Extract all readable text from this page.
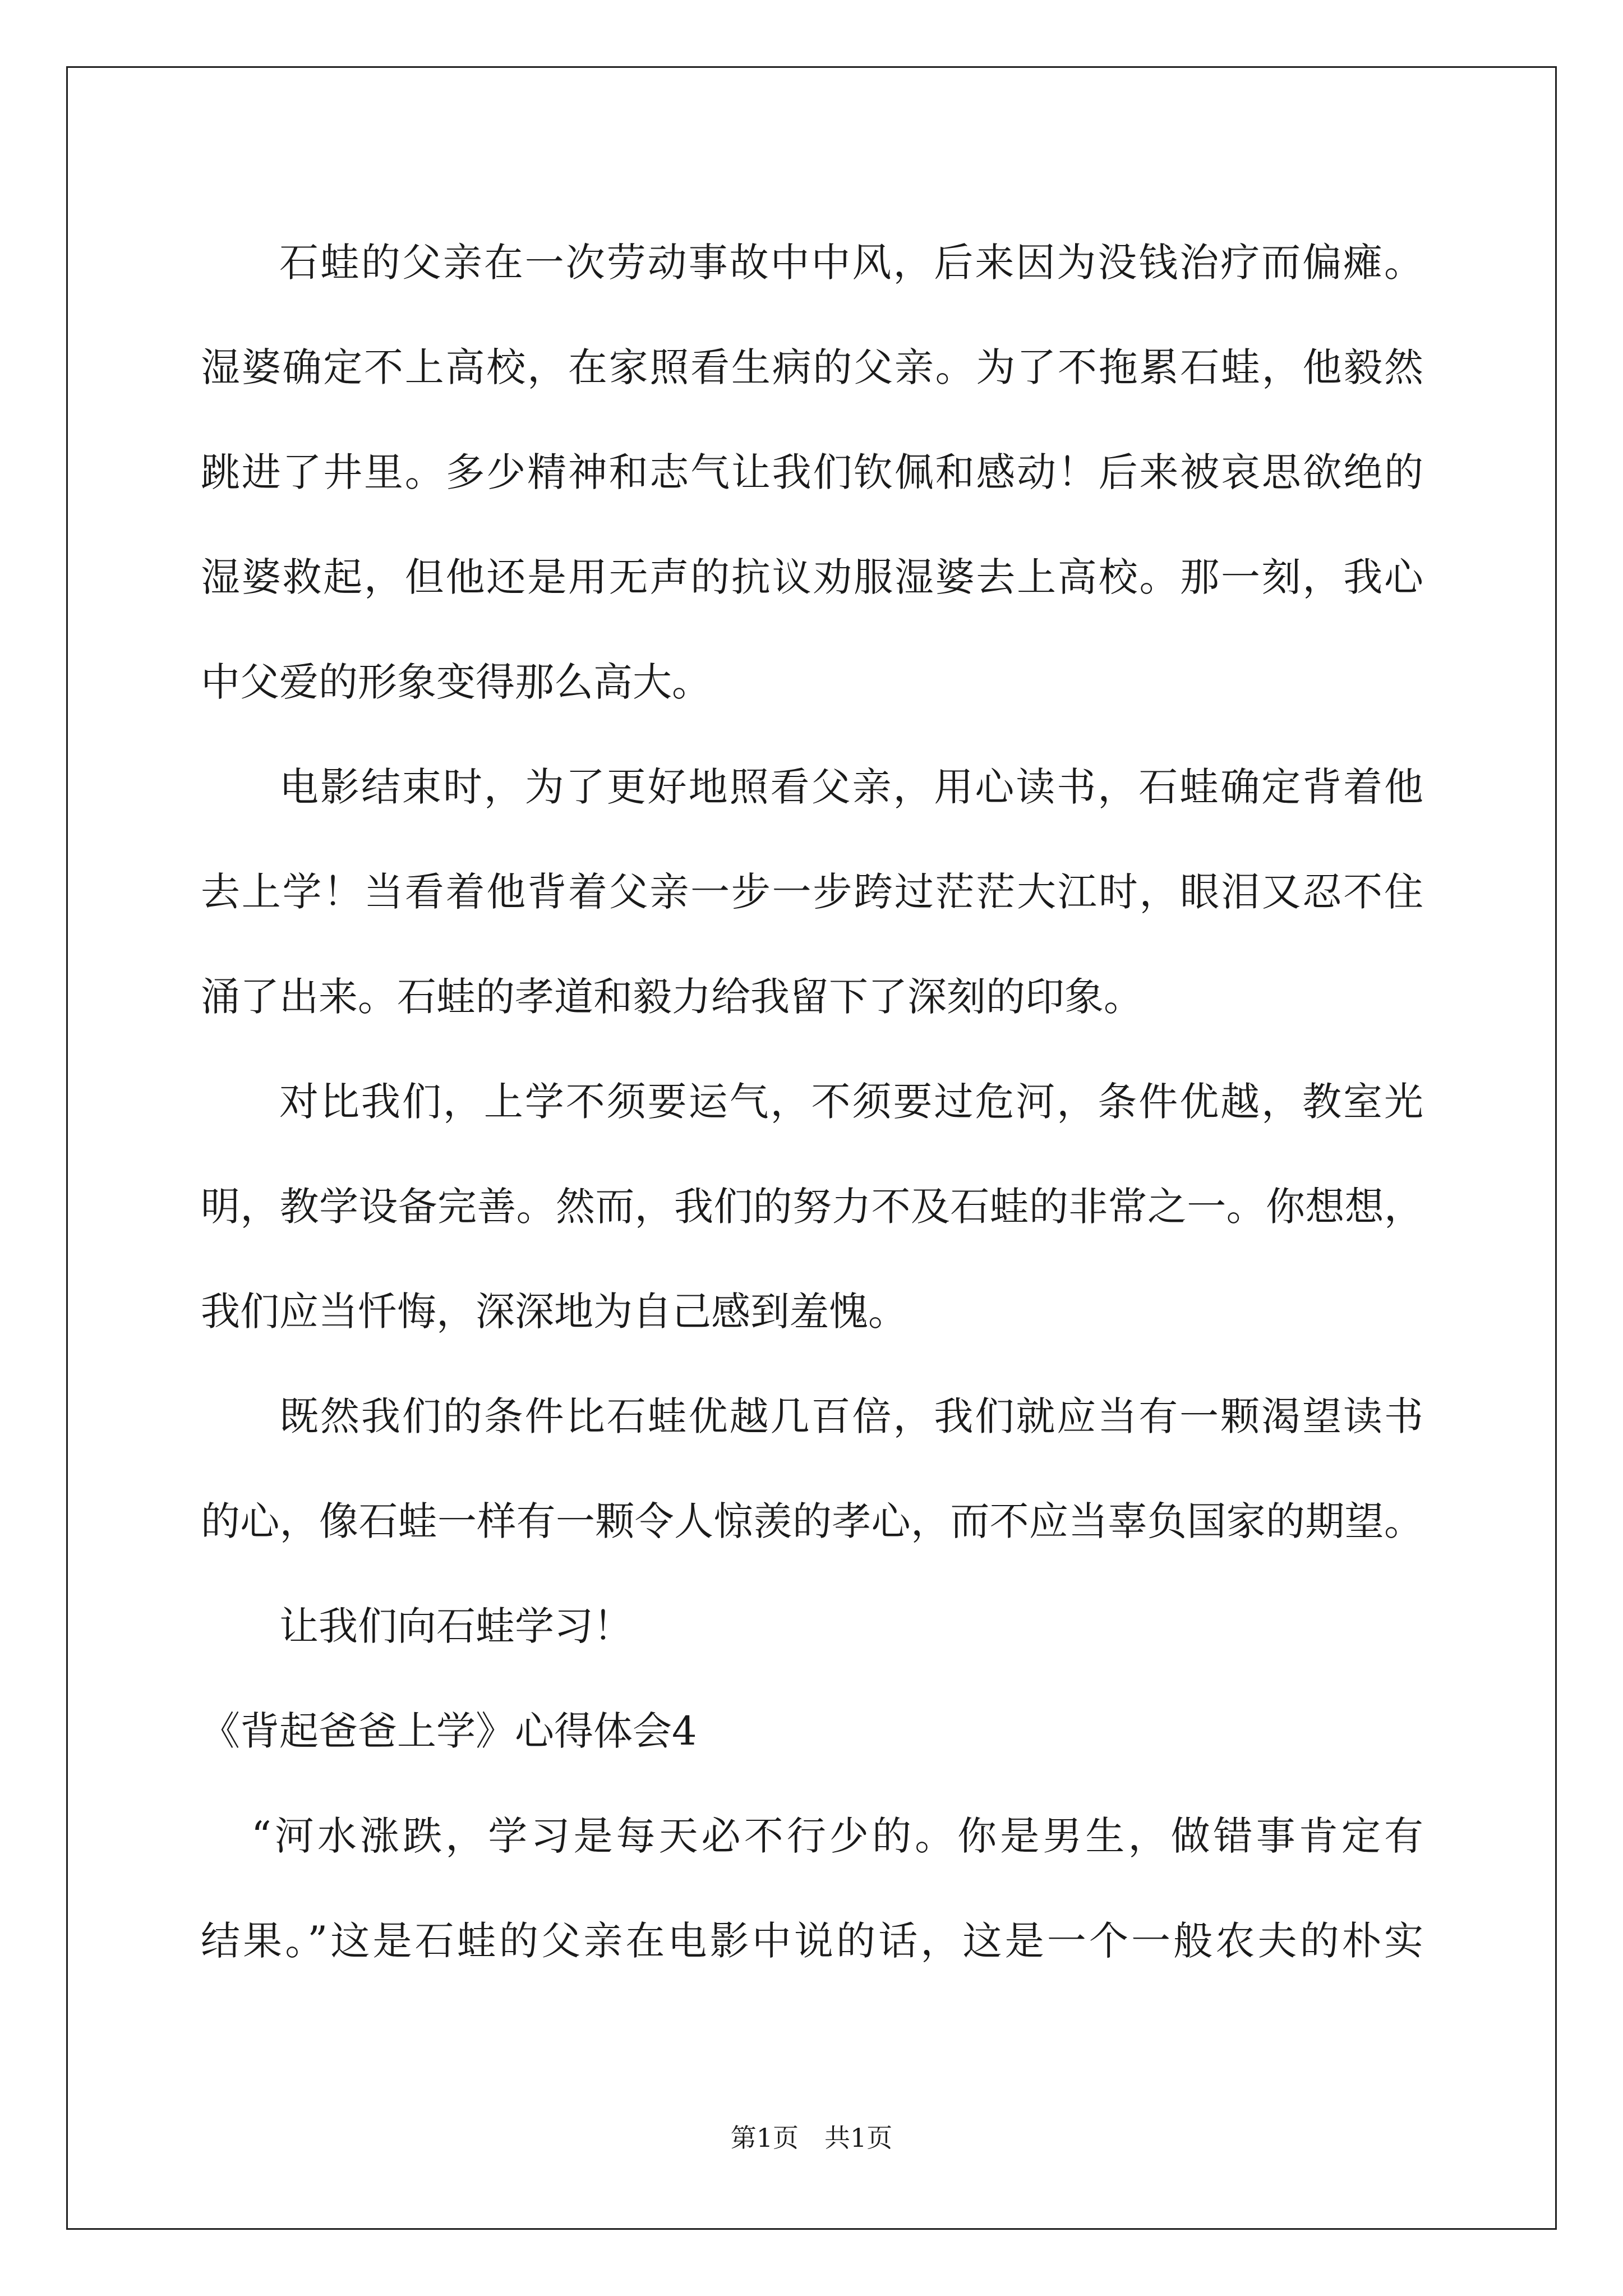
石蛙的父亲在一次劳动事故中中风，后来因为没钱治疗而偏瘫。
湿婆确定不上高校，在家照看生病的父亲。为了不拖累石蛙，他毅然
跳进了井里。多少精神和志气让我们钦佩和感动！后来被哀思欲绝的
湿婆救起，但他还是用无声的抗议劝服湿婆去上高校。那一刻，我心
中父爱的形象变得那么高大。
电影结束时，为了更好地照看父亲，用心读书，石蛙确定背着他
去上学！当看着他背着父亲一步一步跨过茫茫大江时，眼泪又忍不住
涌了出来。石蛙的孝道和毅力给我留下了深刻的印象。
对比我们，上学不须要运气，不须要过危河，条件优越，教室光
明，教学设备完善。然而，我们的努力不及石蛙的非常之一。你想想，
我们应当忏悔，深深地为自己感到羞愧。
既然我们的条件比石蛙优越几百倍，我们就应当有一颗渴望读书
的心，像石蛙一样有一颗令人惊羡的孝心，而不应当辜负国家的期望。
让我们向石蛙学习！
《背起爸爸上学》心得体会4
“河水涨跌，学习是每天必不行少的。你是男生，做错事肯定有
结果。”这是石蛙的父亲在电影中说的话，这是一个一般农夫的朴实
第1页　共1页
